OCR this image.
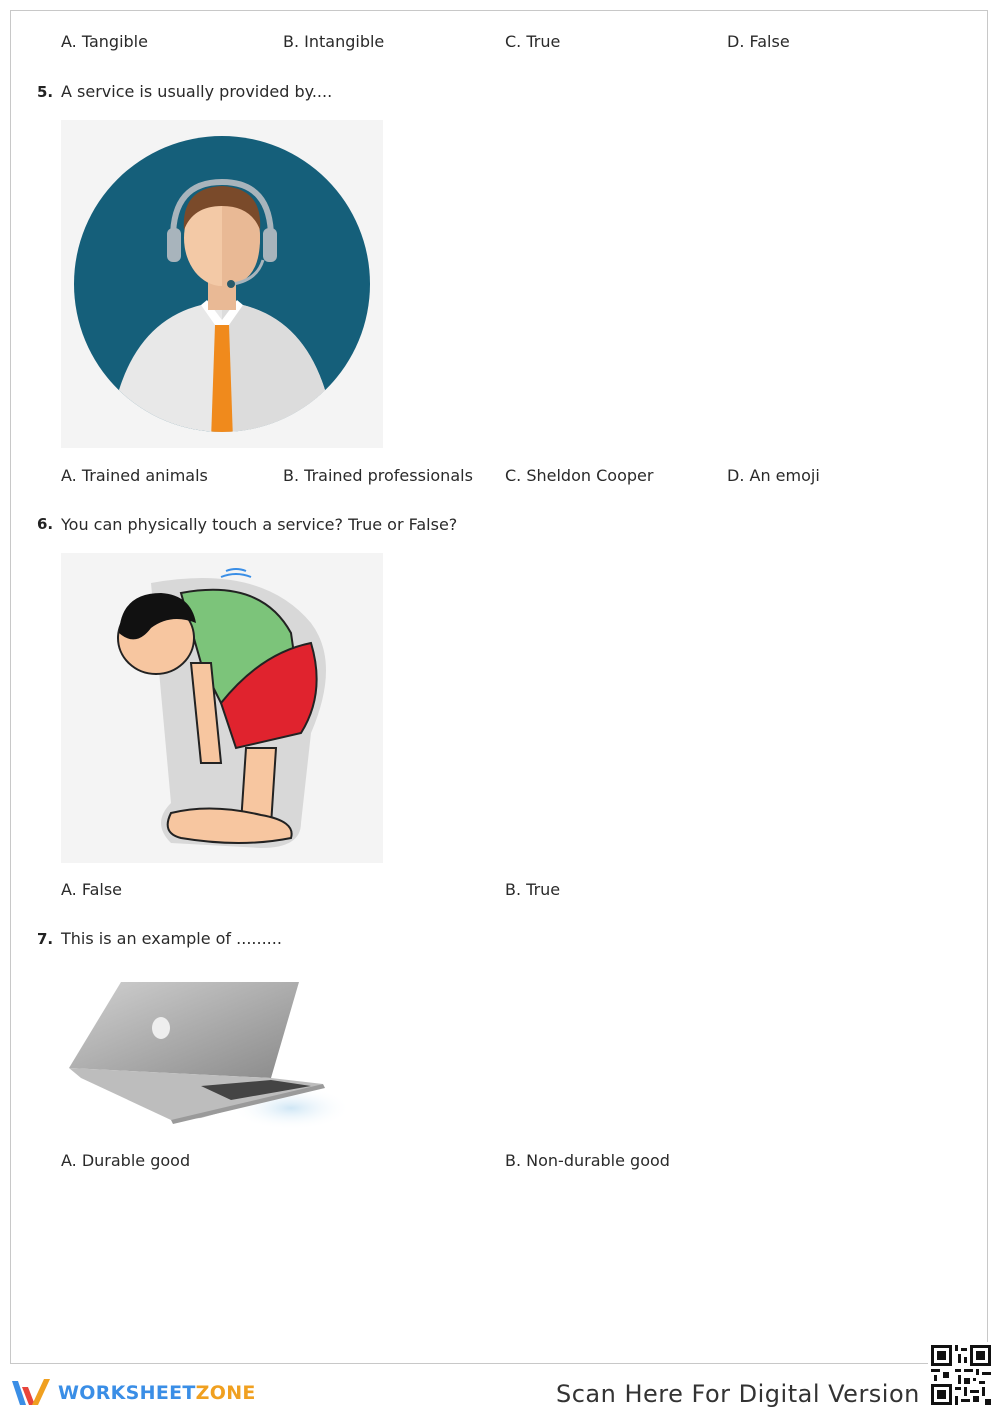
A. Tangible	B. Intangible	C. True	D. False
5. A service is usually provided by....
A. Trained animals	B. Trained professionals C. Sheldon Cooper	D. An emoji
6. You can physically touch a service? True or False?
A. False	B. True
7. This is an example of .........
A. Durable good	B. Non-durable good
WORKSHEETZONE	Scan Here For Digital Version
